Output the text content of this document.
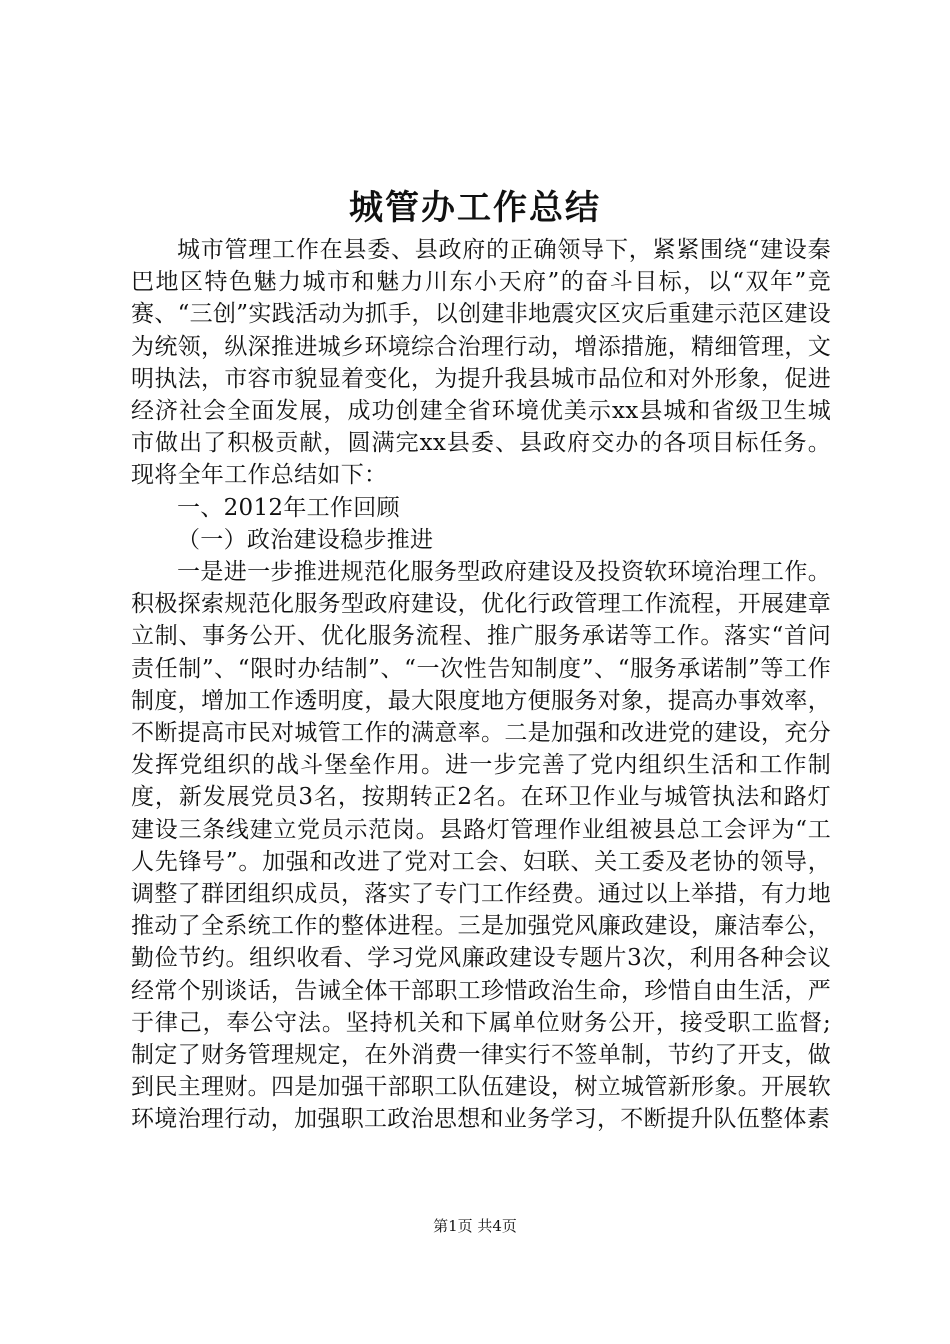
城管办工作总结

城市管理工作在县委、县政府的正确领导下，紧紧围绕“建设秦巴地区特色魅力城市和魅力川东小天府”的奋斗目标，以“双年”竞赛、“三创”实践活动为抓手，以创建非地震灾区灾后重建示范区建设为统领，纵深推进城乡环境综合治理行动，增添措施，精细管理，文明执法，市容市貌显着变化，为提升我县城市品位和对外形象，促进经济社会全面发展，成功创建全省环境优美示xx县城和省级卫生城市做出了积极贡献，圆满完xx县委、县政府交办的各项目标任务。现将全年工作总结如下：

一、2012年工作回顾

（一）政治建设稳步推进

一是进一步推进规范化服务型政府建设及投资软环境治理工作。积极探索规范化服务型政府建设，优化行政管理工作流程，开展建章立制、事务公开、优化服务流程、推广服务承诺等工作。落实“首问责任制”、“限时办结制”、“一次性告知制度”、“服务承诺制”等工作制度，增加工作透明度，最大限度地方便服务对象，提高办事效率，不断提高市民对城管工作的满意率。二是加强和改进党的建设，充分发挥党组织的战斗堡垒作用。进一步完善了党内组织生活和工作制度，新发展党员3名，按期转正2名。在环卫作业与城管执法和路灯建设三条线建立党员示范岗。县路灯管理作业组被县总工会评为“工人先锋号”。加强和改进了党对工会、妇联、关工委及老协的领导，调整了群团组织成员，落实了专门工作经费。通过以上举措，有力地推动了全系统工作的整体进程。三是加强党风廉政建设，廉洁奉公，勤俭节约。组织收看、学习党风廉政建设专题片3次，利用各种会议经常个别谈话，告诫全体干部职工珍惜政治生命，珍惜自由生活，严于律己，奉公守法。坚持机关和下属单位财务公开，接受职工监督;制定了财务管理规定，在外消费一律实行不签单制，节约了开支，做到民主理财。四是加强干部职工队伍建设，树立城管新形象。开展软环境治理行动，加强职工政治思想和业务学习，不断提升队伍整体素

第1页 共4页
